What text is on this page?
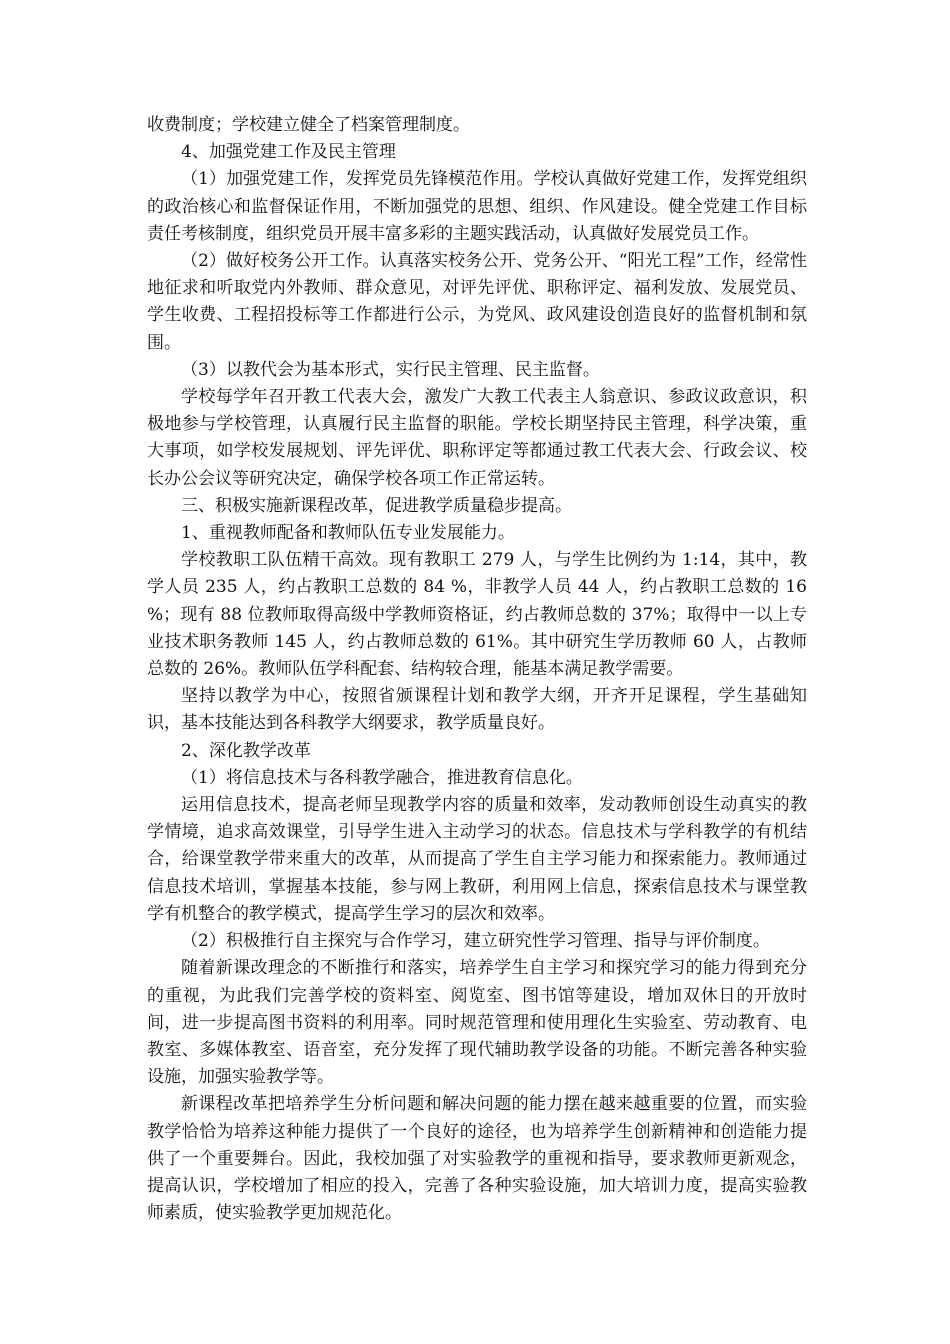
收费制度；学校建立健全了档案管理制度。

4、加强党建工作及民主管理

（1）加强党建工作，发挥党员先锋模范作用。学校认真做好党建工作，发挥党组织的政治核心和监督保证作用，不断加强党的思想、组织、作风建设。健全党建工作目标责任考核制度，组织党员开展丰富多彩的主题实践活动，认真做好发展党员工作。

（2）做好校务公开工作。认真落实校务公开、党务公开、“阳光工程”工作，经常性地征求和听取党内外教师、群众意见，对评先评优、职称评定、福利发放、发展党员、学生收费、工程招投标等工作都进行公示，为党风、政风建设创造良好的监督机制和氛围。

（3）以教代会为基本形式，实行民主管理、民主监督。

学校每学年召开教工代表大会，激发广大教工代表主人翁意识、参政议政意识，积极地参与学校管理，认真履行民主监督的职能。学校长期坚持民主管理，科学决策，重大事项，如学校发展规划、评先评优、职称评定等都通过教工代表大会、行政会议、校长办公会议等研究决定，确保学校各项工作正常运转。

三、积极实施新课程改革，促进教学质量稳步提高。

1、重视教师配备和教师队伍专业发展能力。

学校教职工队伍精干高效。现有教职工 279 人，与学生比例约为 1:14，其中，教学人员 235 人，约占教职工总数的 84 %，非教学人员 44 人，约占教职工总数的 16 %；现有 88 位教师取得高级中学教师资格证，约占教师总数的 37%；取得中一以上专业技术职务教师 145 人，约占教师总数的 61%。其中研究生学历教师 60 人，占教师总数的 26%。教师队伍学科配套、结构较合理，能基本满足教学需要。

坚持以教学为中心，按照省颁课程计划和教学大纲，开齐开足课程，学生基础知识，基本技能达到各科教学大纲要求，教学质量良好。

2、深化教学改革

（1）将信息技术与各科教学融合，推进教育信息化。

运用信息技术，提高老师呈现教学内容的质量和效率，发动教师创设生动真实的教学情境，追求高效课堂，引导学生进入主动学习的状态。信息技术与学科教学的有机结合，给课堂教学带来重大的改革，从而提高了学生自主学习能力和探索能力。教师通过信息技术培训，掌握基本技能，参与网上教研，利用网上信息，探索信息技术与课堂教学有机整合的教学模式，提高学生学习的层次和效率。

（2）积极推行自主探究与合作学习，建立研究性学习管理、指导与评价制度。

随着新课改理念的不断推行和落实，培养学生自主学习和探究学习的能力得到充分的重视，为此我们完善学校的资料室、阅览室、图书馆等建设，增加双休日的开放时间，进一步提高图书资料的利用率。同时规范管理和使用理化生实验室、劳动教育、电教室、多媒体教室、语音室，充分发挥了现代辅助教学设备的功能。不断完善各种实验设施，加强实验教学等。

新课程改革把培养学生分析问题和解决问题的能力摆在越来越重要的位置，而实验教学恰恰为培养这种能力提供了一个良好的途径，也为培养学生创新精神和创造能力提供了一个重要舞台。因此，我校加强了对实验教学的重视和指导，要求教师更新观念，提高认识，学校增加了相应的投入，完善了各种实验设施，加大培训力度，提高实验教师素质，使实验教学更加规范化。
